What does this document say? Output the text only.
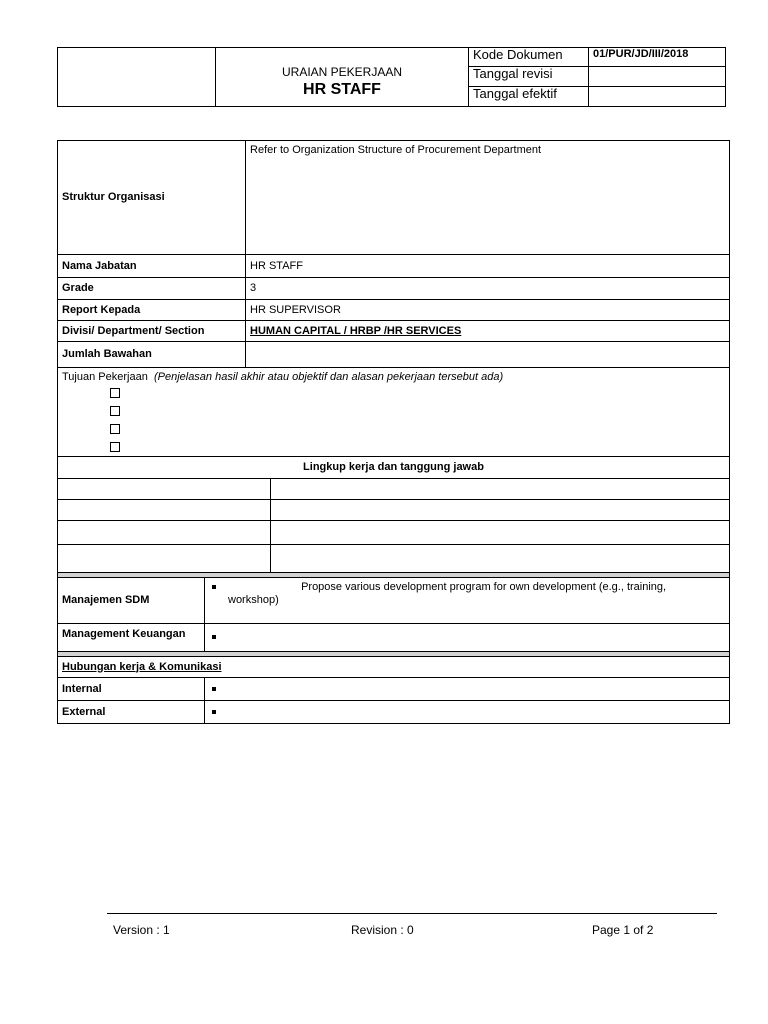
	URAIAN PEKERJAAN
HR STAFF	Kode Dokumen	01/PUR/JD/III/2018
		Tanggal revisi	
		Tanggal efektif	
Struktur Organisasi		Refer to Organization Structure of Procurement Department	
Nama Jabatan		HR STAFF	
Grade		3	
Report Kepada		HR SUPERVISOR	
Divisi/ Department/ Section		HUMAN CAPITAL / HRBP /HR SERVICES	
Jumlah Bawahan			
Tujuan Pekerjaan (Penjelasan hasil akhir atau objektif dan alasan pekerjaan tersebut ada)			

Lingkup kerja dan tanggung jawab			

Manajemen SDM	Propose various development program for own development (e.g., training,
workshop)		

Management Keuangan			

Hubungan kerja & Komunikasi			
Internal			
External			
Version : 1	Revision : 0	Page 1 of 2
